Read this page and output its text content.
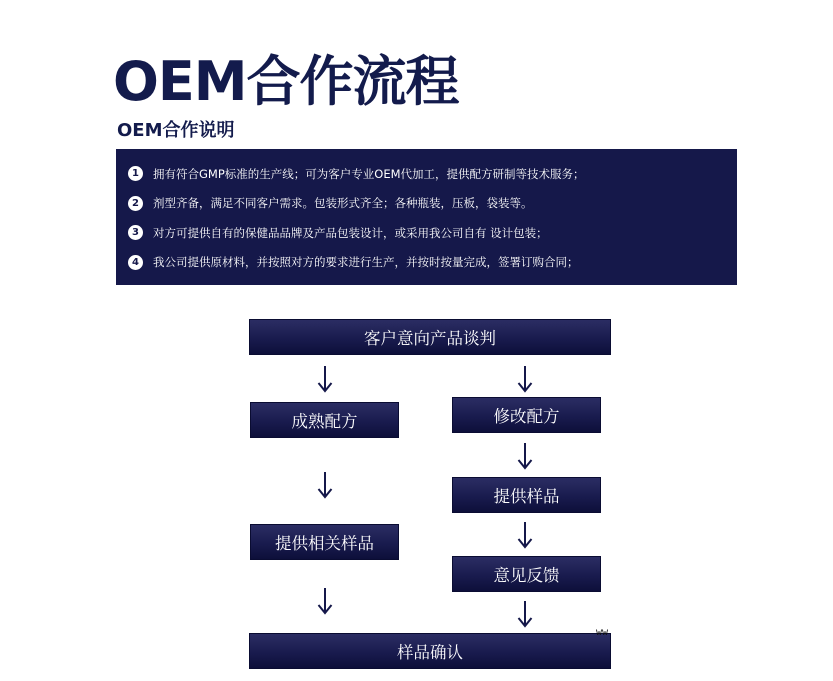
OEM合作流程
OEM合作说明
1	拥有符合GMP标准的生产线；可为客户专业OEM代加工，提供配方研制等技术服务；
2	剂型齐备，满足不同客户需求。包装形式齐全；各种瓶装，压板，袋装等。
3	对方可提供自有的保健品品牌及产品包装设计，或采用我公司自有 设计包装；
4	我公司提供原材料，并按照对方的要求进行生产，并按时按量完成，签署订购合同；
客户意向产品谈判
成熟配方
提供相关样品
修改配方
提供样品
意见反馈
样品确认
ww
